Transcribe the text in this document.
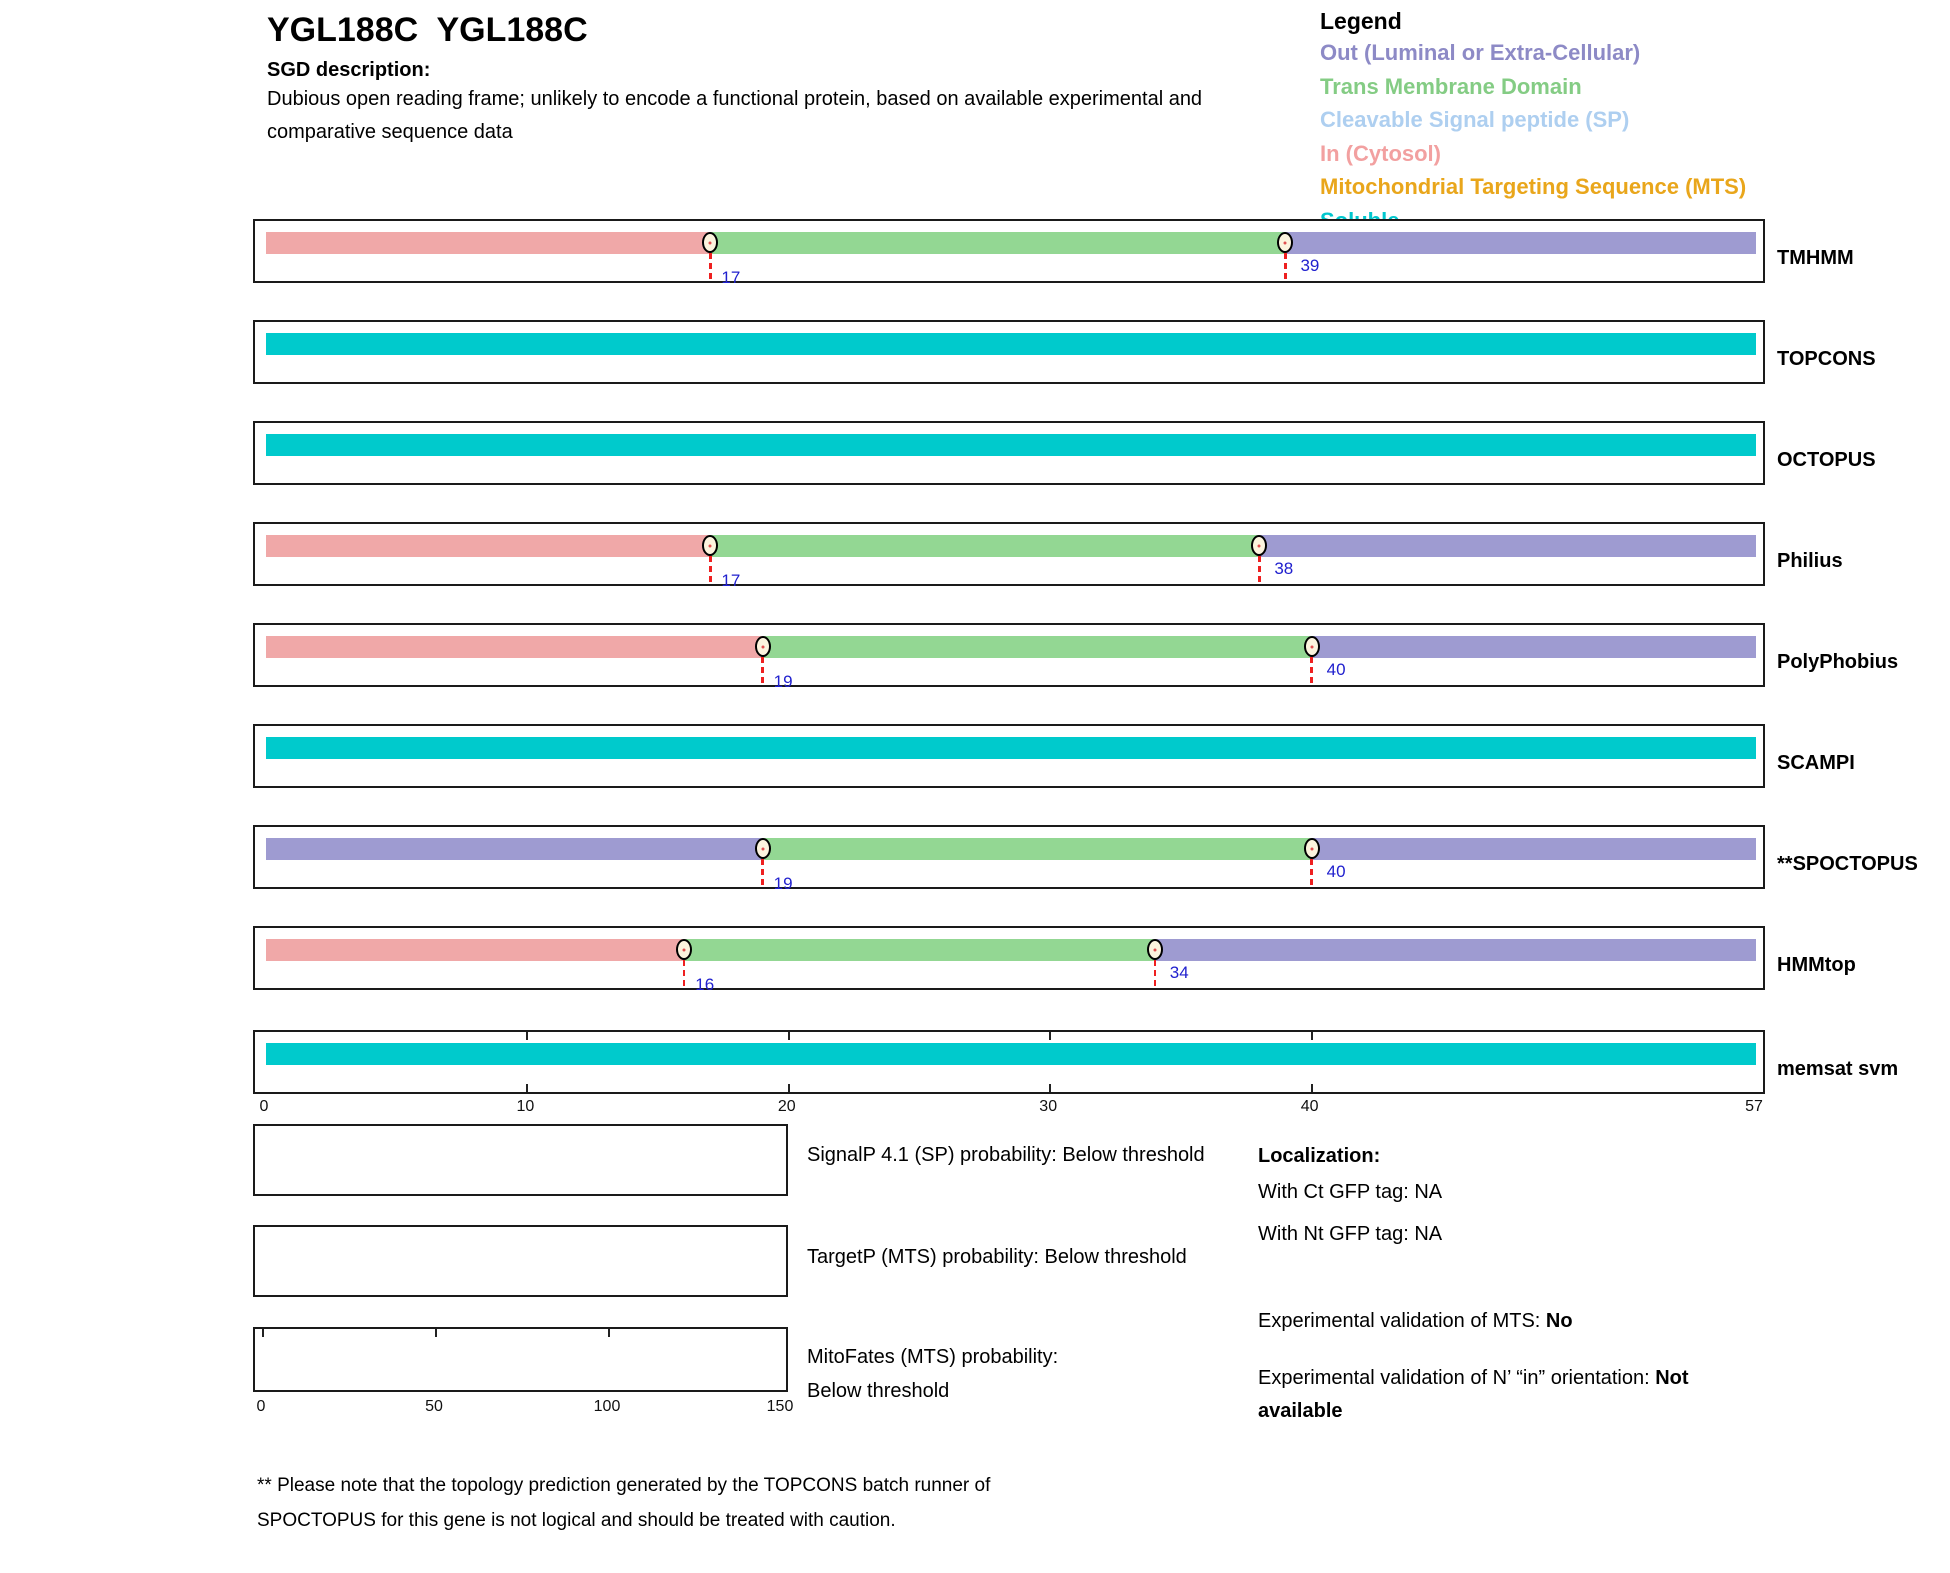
YGL188C  YGL188C
SGD description:
Dubious open reading frame; unlikely to encode a functional protein, based on available experimental and comparative sequence data
Legend
Out (Luminal or Extra-Cellular)
Trans Membrane Domain
Cleavable Signal peptide (SP)
In (Cytosol)
Mitochondrial Targeting Sequence (MTS)
17
39	TMHMM
TOPCONS
OCTOPUS
17
38	Philius
19
40	PolyPhobius
SCAMPI
19
40	**SPOCTOPUS
16
34	HMMtop
memsat svm
0	10	20	30	40	57
SignalP 4.1 (SP) probability: Below threshold
TargetP (MTS) probability: Below threshold
MitoFates (MTS) probability: Below threshold
0	50	100	150
Localization:
With Ct GFP tag: NA
With Nt GFP tag: NA
Experimental validation of MTS: No
Experimental validation of N’ “in” orientation: Not available
** Please note that the topology prediction generated by the TOPCONS batch runner of SPOCTOPUS for this gene is not logical and should be treated with caution.
